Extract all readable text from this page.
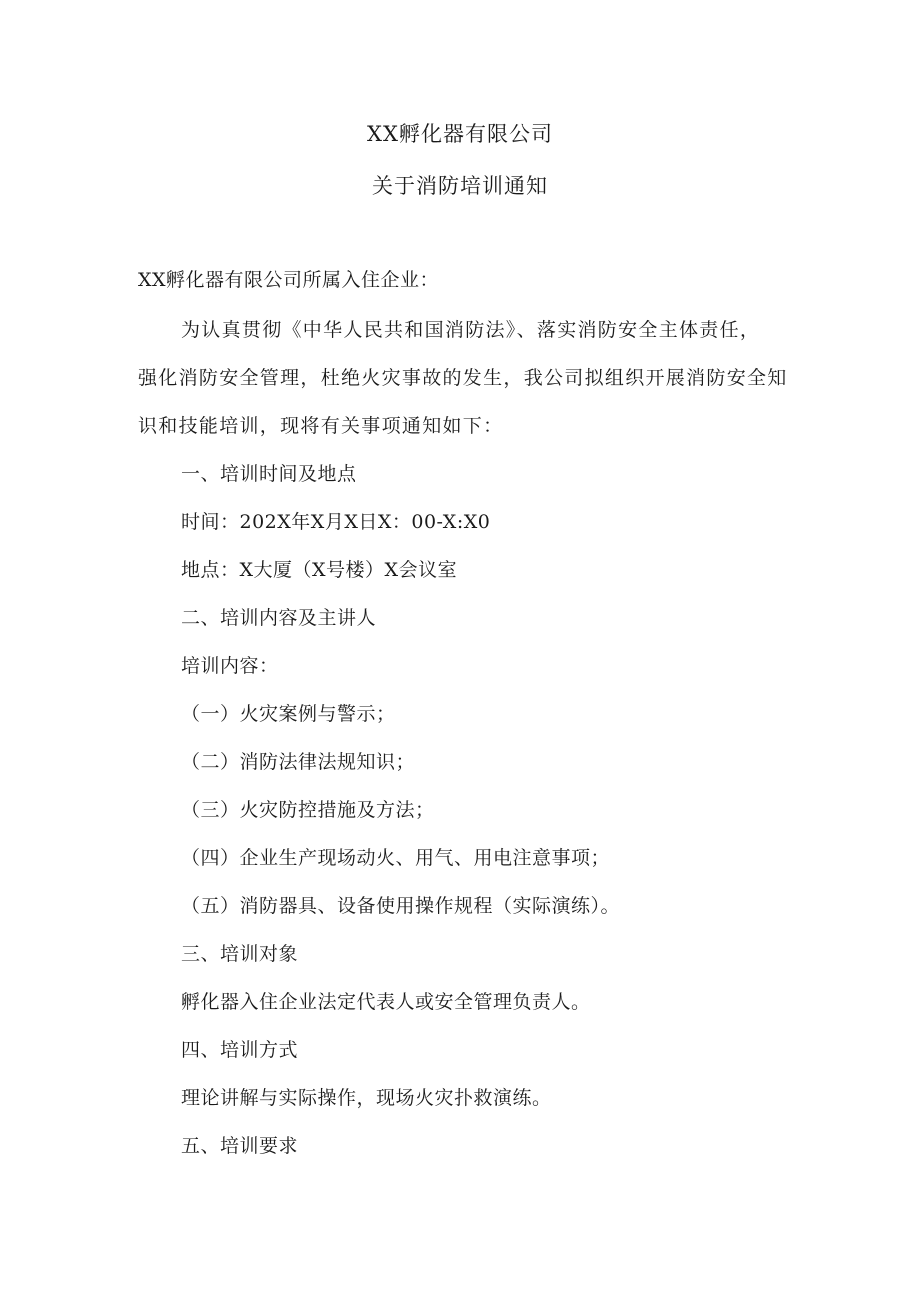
XX孵化器有限公司
关于消防培训通知
XX孵化器有限公司所属入住企业：
为认真贯彻《中华人民共和国消防法》、落实消防安全主体责任，
强化消防安全管理，杜绝火灾事故的发生，我公司拟组织开展消防安全知
识和技能培训，现将有关事项通知如下：
一、培训时间及地点
时间：202X年X月X日X：00-X:X0
地点：X大厦（X号楼）X会议室
二、培训内容及主讲人
培训内容：
（一）火灾案例与警示；
（二）消防法律法规知识；
（三）火灾防控措施及方法；
（四）企业生产现场动火、用气、用电注意事项；
（五）消防器具、设备使用操作规程（实际演练）。
三、培训对象
孵化器入住企业法定代表人或安全管理负责人。
四、培训方式
理论讲解与实际操作，现场火灾扑救演练。
五、培训要求
